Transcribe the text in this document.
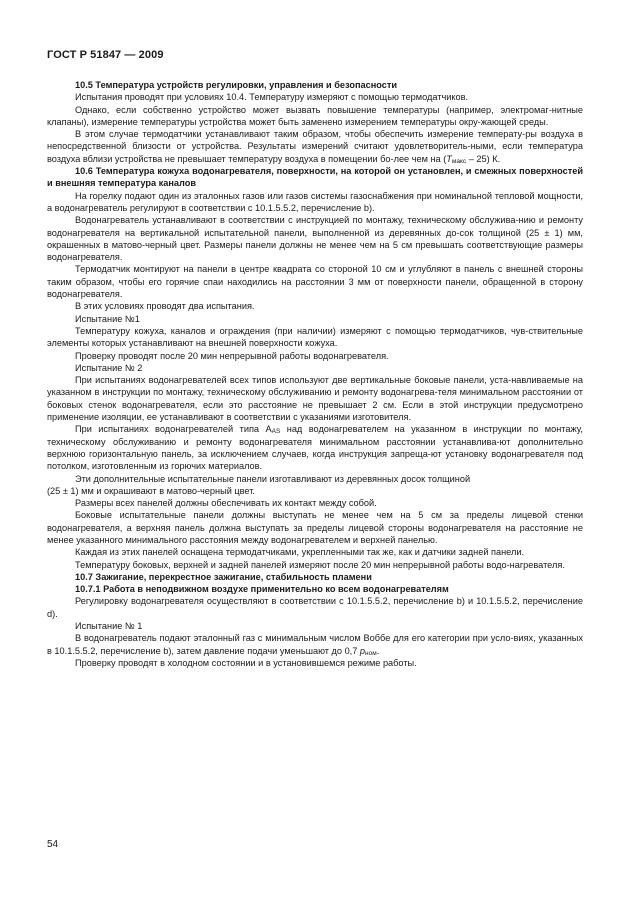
ГОСТ Р 51847 — 2009

10.5 Температура устройств регулировки, управления и безопасности

Испытания проводят при условиях 10.4. Температуру измеряют с помощью термодатчиков.

Однако, если собственно устройство может вызвать повышение температуры (например, электромаг-нитные клапаны), измерение температуры устройства может быть заменено измерением температуры окру-жающей среды.

В этом случае термодатчики устанавливают таким образом, чтобы обеспечить измерение температу-ры воздуха в непосредственной близости от устройства. Результаты измерений считают удовлетворитель-ными, если температура воздуха вблизи устройства не превышает температуру воздуха в помещении бо-лее чем на $(T_{макс} - 25)$ К.

10.6 Температура кожуха водонагревателя, поверхности, на которой он установлен, и смежных поверхностей и внешняя температура каналов

На горелку подают один из эталонных газов или газов системы газоснабжения при номинальной тепловой мощности, а водонагреватель регулируют в соответствии с 10.1.5.5.2, перечисление b).

Водонагреватель устанавливают в соответствии с инструкцией по монтажу, техническому обслужива-нию и ремонту водонагревателя на вертикальной испытательной панели, выполненной из деревянных до-сок толщиной (25 ± 1) мм, окрашенных в матово-черный цвет. Размеры панели должны не менее чем на 5 см превышать соответствующие размеры водонагревателя.

Термодатчик монтируют на панели в центре квадрата со стороной 10 см и углубляют в панель с внешней стороны таким образом, чтобы его горячие спаи находились на расстоянии 3 мм от поверхности панели, обращенной в сторону водонагревателя.

В этих условиях проводят два испытания.

Испытание №1

Температуру кожуха, каналов и ограждения (при наличии) измеряют с помощью термодатчиков, чув-ствительные элементы которых устанавливают на внешней поверхности кожуха.

Проверку проводят после 20 мин непрерывной работы водонагревателя.

Испытание № 2

При испытаниях водонагревателей всех типов используют две вертикальные боковые панели, уста-навливаемые на указанном в инструкции по монтажу, техническому обслуживанию и ремонту водонагрева-теля минимальном расстоянии от боковых стенок водонагревателя, если это расстояние не превышает 2 см. Если в этой инструкции предусмотрено применение изоляции, ее устанавливают в соответствии с указаниями изготовителя.

При испытаниях водонагревателей типа $A_{AS}$ над водонагревателем на указанном в инструкции по монтажу, техническому обслуживанию и ремонту водонагревателя минимальном расстоянии устанавлива-ют дополнительно верхнюю горизонтальную панель, за исключением случаев, когда инструкция запреща-ют установку водонагревателя под потолком, изготовленным из горючих материалов.

Эти дополнительные испытательные панели изготавливают из деревянных досок толщиной

(25 ± 1) мм и окрашивают в матово-черный цвет.

Размеры всех панелей должны обеспечивать их контакт между собой.

Боковые испытательные панели должны выступать не менее чем на 5 см за пределы лицевой стенки водонагревателя, а верхняя панель должна выступать за пределы лицевой стороны водонагревателя на расстояние не менее указанного минимального расстояния между водонагревателем и верхней панелью.

Каждая из этих панелей оснащена термодатчиками, укрепленными так же, как и датчики задней панели.

Температуру боковых, верхней и задней панелей измеряют после 20 мин непрерывной работы водо-нагревателя.

10.7 Зажигание, перекрестное зажигание, стабильность пламени

10.7.1 Работа в неподвижном воздухе применительно ко всем водонагревателям

Регулировку водонагревателя осуществляют в соответствии с 10.1.5.5.2, перечисление b) и 10.1.5.5.2, перечисление d).

Испытание № 1

В водонагреватель подают эталонный газ с минимальным числом Воббе для его категории при усло-виях, указанных в 10.1.5.5.2, перечисление b), затем давление подачи уменьшают до 0,7 $p_{ном}$.

Проверку проводят в холодном состоянии и в установившемся режиме работы.

54
